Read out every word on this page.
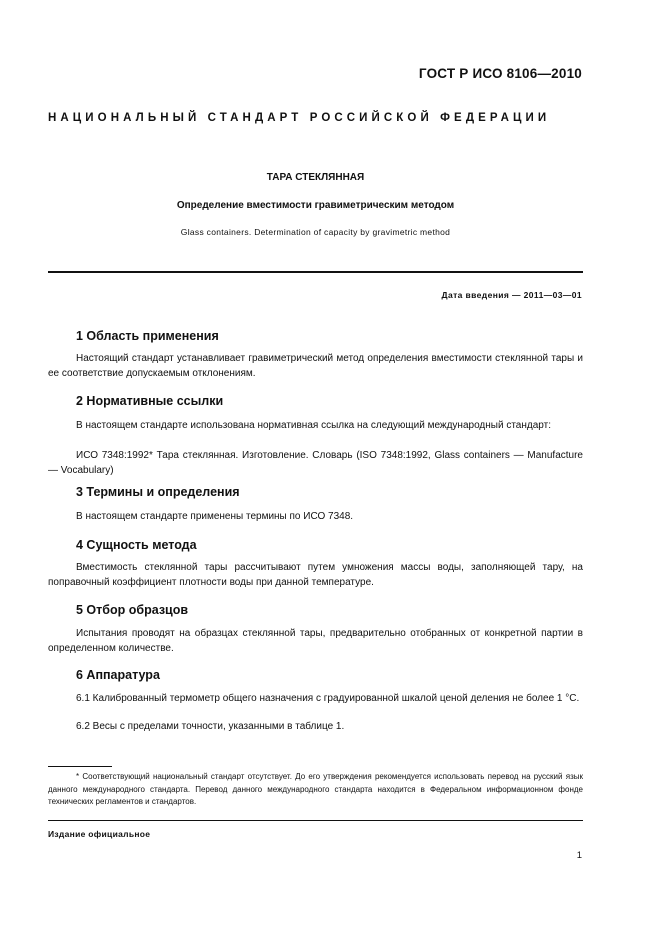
ГОСТ Р ИСО 8106—2010
НАЦИОНАЛЬНЫЙ СТАНДАРТ РОССИЙСКОЙ ФЕДЕРАЦИИ
ТАРА СТЕКЛЯННАЯ
Определение вместимости гравиметрическим методом
Glass containers. Determination of capacity by gravimetric method
Дата введения — 2011—03—01
1 Область применения

Настоящий стандарт устанавливает гравиметрический метод определения вместимости стеклянной тары и ее соответствие допускаемым отклонениям.

2 Нормативные ссылки

В настоящем стандарте использована нормативная ссылка на следующий международный стандарт:

ИСО 7348:1992* Тара стеклянная. Изготовление. Словарь (ISO 7348:1992, Glass containers — Manufacture — Vocabulary)

3 Термины и определения

В настоящем стандарте применены термины по ИСО 7348.

4 Сущность метода

Вместимость стеклянной тары рассчитывают путем умножения массы воды, заполняющей тару, на поправочный коэффициент плотности воды при данной температуре.

5 Отбор образцов

Испытания проводят на образцах стеклянной тары, предварительно отобранных от конкретной партии в определенном количестве.

6 Аппаратура

6.1 Калиброванный термометр общего назначения с градуированной шкалой ценой деления не более 1 °С.

6.2 Весы с пределами точности, указанными в таблице 1.

* Соответствующий национальный стандарт отсутствует. До его утверждения рекомендуется использовать перевод на русский язык данного международного стандарта. Перевод данного международного стандарта находится в Федеральном информационном фонде технических регламентов и стандартов.

Издание официальное
1
